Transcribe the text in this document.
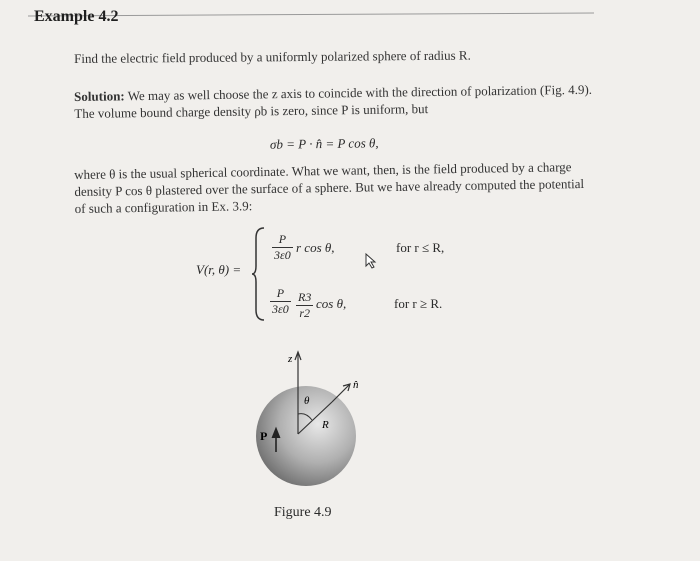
Example 4.2
Find the electric field produced by a uniformly polarized sphere of radius R.
Solution: We may as well choose the z axis to coincide with the direction of polarization (Fig. 4.9). The volume bound charge density ρb is zero, since P is uniform, but
σb = P · n̂ = P cos θ,
where θ is the usual spherical coordinate. What we want, then, is the field produced by a charge density P cos θ plastered over the surface of a sphere. But we have already computed the potential of such a configuration in Ex. 3.9:
V(r, θ) =
$\frac{P}{3\varepsilon 0}$ r cos θ,	for r ≤ R,
$\frac{P}{3\varepsilon 0} \frac{R3}{r2}$ cos θ,	for r ≥ R.
z
n̂
θ
R
P
Figure 4.9
